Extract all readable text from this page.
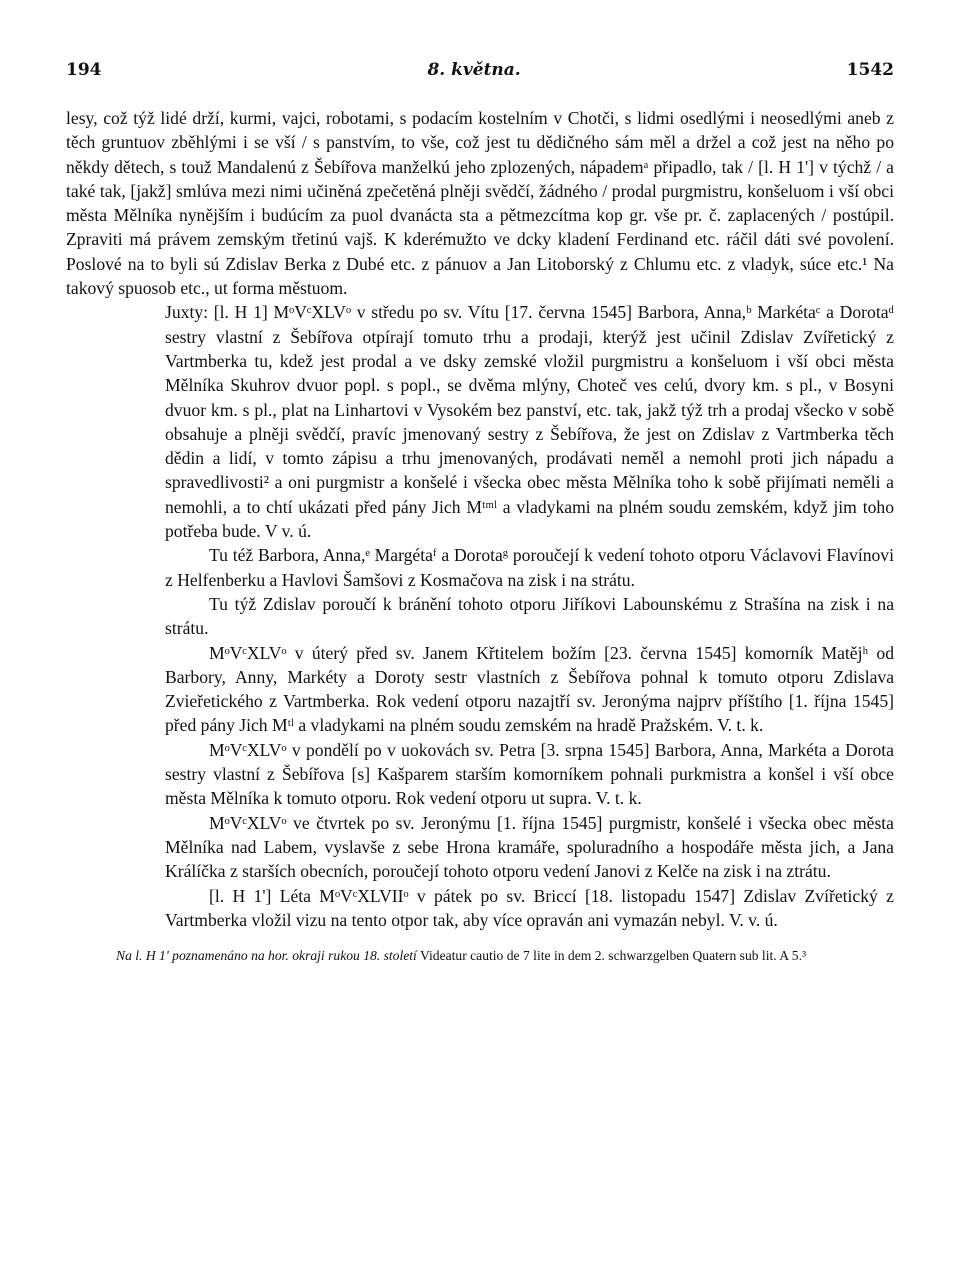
194	8. května.	1542

lesy, což týž lidé drží, kurmi, vajci, robotami, s podacím kostelním v Chotči, s lidmi osedlými i neosedlými aneb z těch gruntuov zběhlými i se vší / s panstvím, to vše, což jest tu dědičného sám měl a držel a což jest na něho po někdy dětech, s touž Mandalenú z Šebířova manželkú jeho zplozených, nápademᵃ připadlo, tak / [l. H 1'] v týchž / a také tak, [jakž] smlúva mezi nimi učiněná zpečetěná plněji svědčí, žádného / prodal purgmistru, konšeluom i vší obci města Mělníka nynějším i budúcím za puol dvanácta sta a pětmezcítma kop gr. vše pr. č. zaplacených / postúpil. Zpraviti má právem zemským třetinú vajš. K kderémužto ve dcky kladení Ferdinand etc. ráčil dáti své povolení. Poslové na to byli sú Zdislav Berka z Dubé etc. z pánuov a Jan Litoborský z Chlumu etc. z vladyk, súce etc.¹ Na takový spuosob etc., ut forma městuom.

Juxty: [l. H 1] MᵒVᶜXLVᵒ v středu po sv. Vítu [17. června 1545] Barbora, Anna,ᵇ Markétaᶜ a Dorotaᵈ sestry vlastní z Šebířova otpírají tomuto trhu a prodaji, kterýž jest učinil Zdislav Zvířetický z Vartmberka tu, kdež jest prodal a ve dsky zemské vložil purgmistru a konšeluom i vší obci města Mělníka Skuhrov dvuor popl. s popl., se dvěma mlýny, Choteč ves celú, dvory km. s pl., v Bosyni dvuor km. s pl., plat na Linhartovi v Vysokém bez panství, etc. tak, jakž týž trh a prodaj všecko v sobě obsahuje a plněji svědčí, pravíc jmenovaný sestry z Šebířova, že jest on Zdislav z Vartmberka těch dědin a lidí, v tomto zápisu a trhu jmenovaných, prodávati neměl a nemohl proti jich nápadu a spravedlivosti² a oni purgmistr a konšelé i všecka obec města Mělníka toho k sobě přijímati neměli a nemohli, a to chtí ukázati před pány Jich Mᵗᵐˡ a vladykami na plném soudu zemském, když jim toho potřeba bude. V v. ú.

Tu též Barbora, Anna,ᵉ Margétaᶠ a Dorotaᵍ poroučejí k vedení tohoto otporu Václavovi Flavínovi z Helfenberku a Havlovi Šamšovi z Kosmačova na zisk i na strátu.

Tu týž Zdislav poroučí k bránění tohoto otporu Jiříkovi Labounskému z Strašína na zisk i na strátu.

MᵒVᶜXLVᵒ v úterý před sv. Janem Křtitelem božím [23. června 1545] komorník Matějʰ od Barbory, Anny, Markéty a Doroty sestr vlastních z Šebířova pohnal k tomuto otporu Zdislava Zvieřetického z Vartmberka. Rok vedení otporu nazajtří sv. Jeronýma najprv příštího [1. října 1545] před pány Jich Mᵗˡ a vladykami na plném soudu zemském na hradě Pražském. V. t. k.

MᵒVᶜXLVᵒ v pondělí po v uokovách sv. Petra [3. srpna 1545] Barbora, Anna, Markéta a Dorota sestry vlastní z Šebířova [s] Kašparem starším komorníkem pohnali purkmistra a konšel i vší obce města Mělníka k tomuto otporu. Rok vedení otporu ut supra. V. t. k.

MᵒVᶜXLVᵒ ve čtvrtek po sv. Jeronýmu [1. října 1545] purgmistr, konšelé i všecka obec města Mělníka nad Labem, vyslavše z sebe Hrona kramáře, spoluradního a hospodáře města jich, a Jana Králíčka z starších obecních, poroučejí tohoto otporu vedení Janovi z Kelče na zisk i na ztrátu.

[l. H 1'] Léta MᵒVᶜXLVIIᵒ v pátek po sv. Briccí [18. listopadu 1547] Zdislav Zvířetický z Vartmberka vložil vizu na tento otpor tak, aby více opraván ani vymazán nebyl. V. v. ú.

Na l. H 1' poznamenáno na hor. okraji rukou 18. století Videatur cautio de 7 lite in dem 2. schwarzgelben Quatern sub lit. A 5.³
